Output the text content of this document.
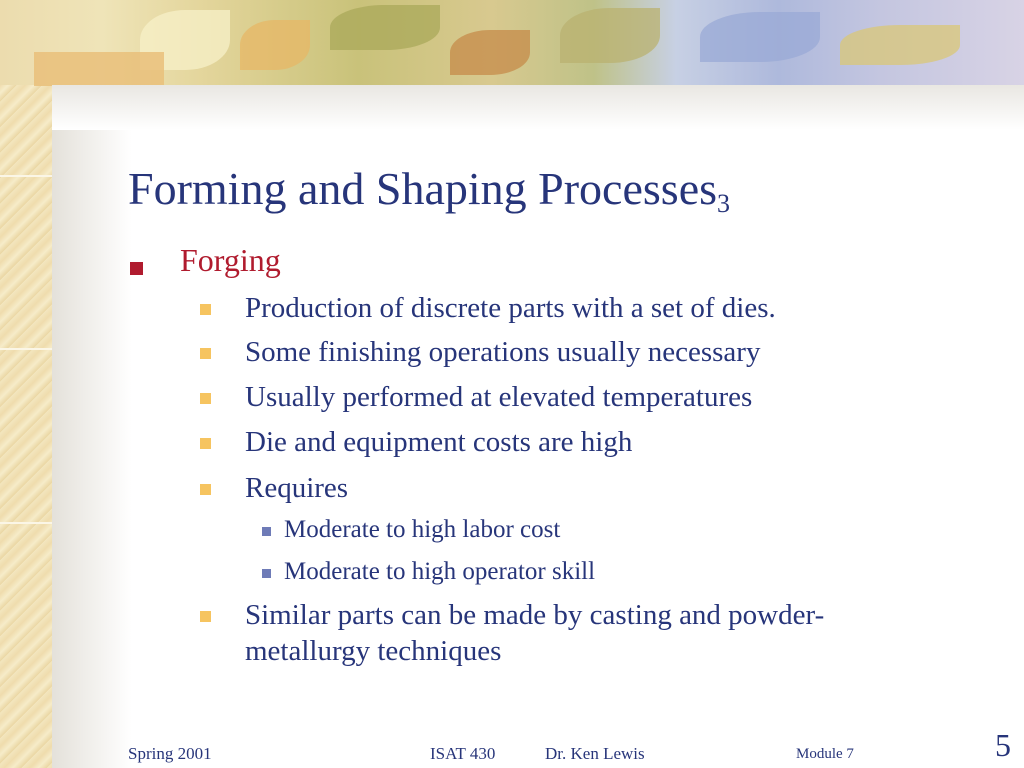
Forming and Shaping Processes$_3$
Forging
Production of discrete parts with a set of dies.
Some finishing operations usually necessary
Usually performed at elevated temperatures
Die and equipment costs are high
Requires
Moderate to high labor cost
Moderate to high operator skill
Similar parts can be made by casting and powder-metallurgy techniques
Spring 2001	ISAT 430	Dr. Ken Lewis	Module 7	5
